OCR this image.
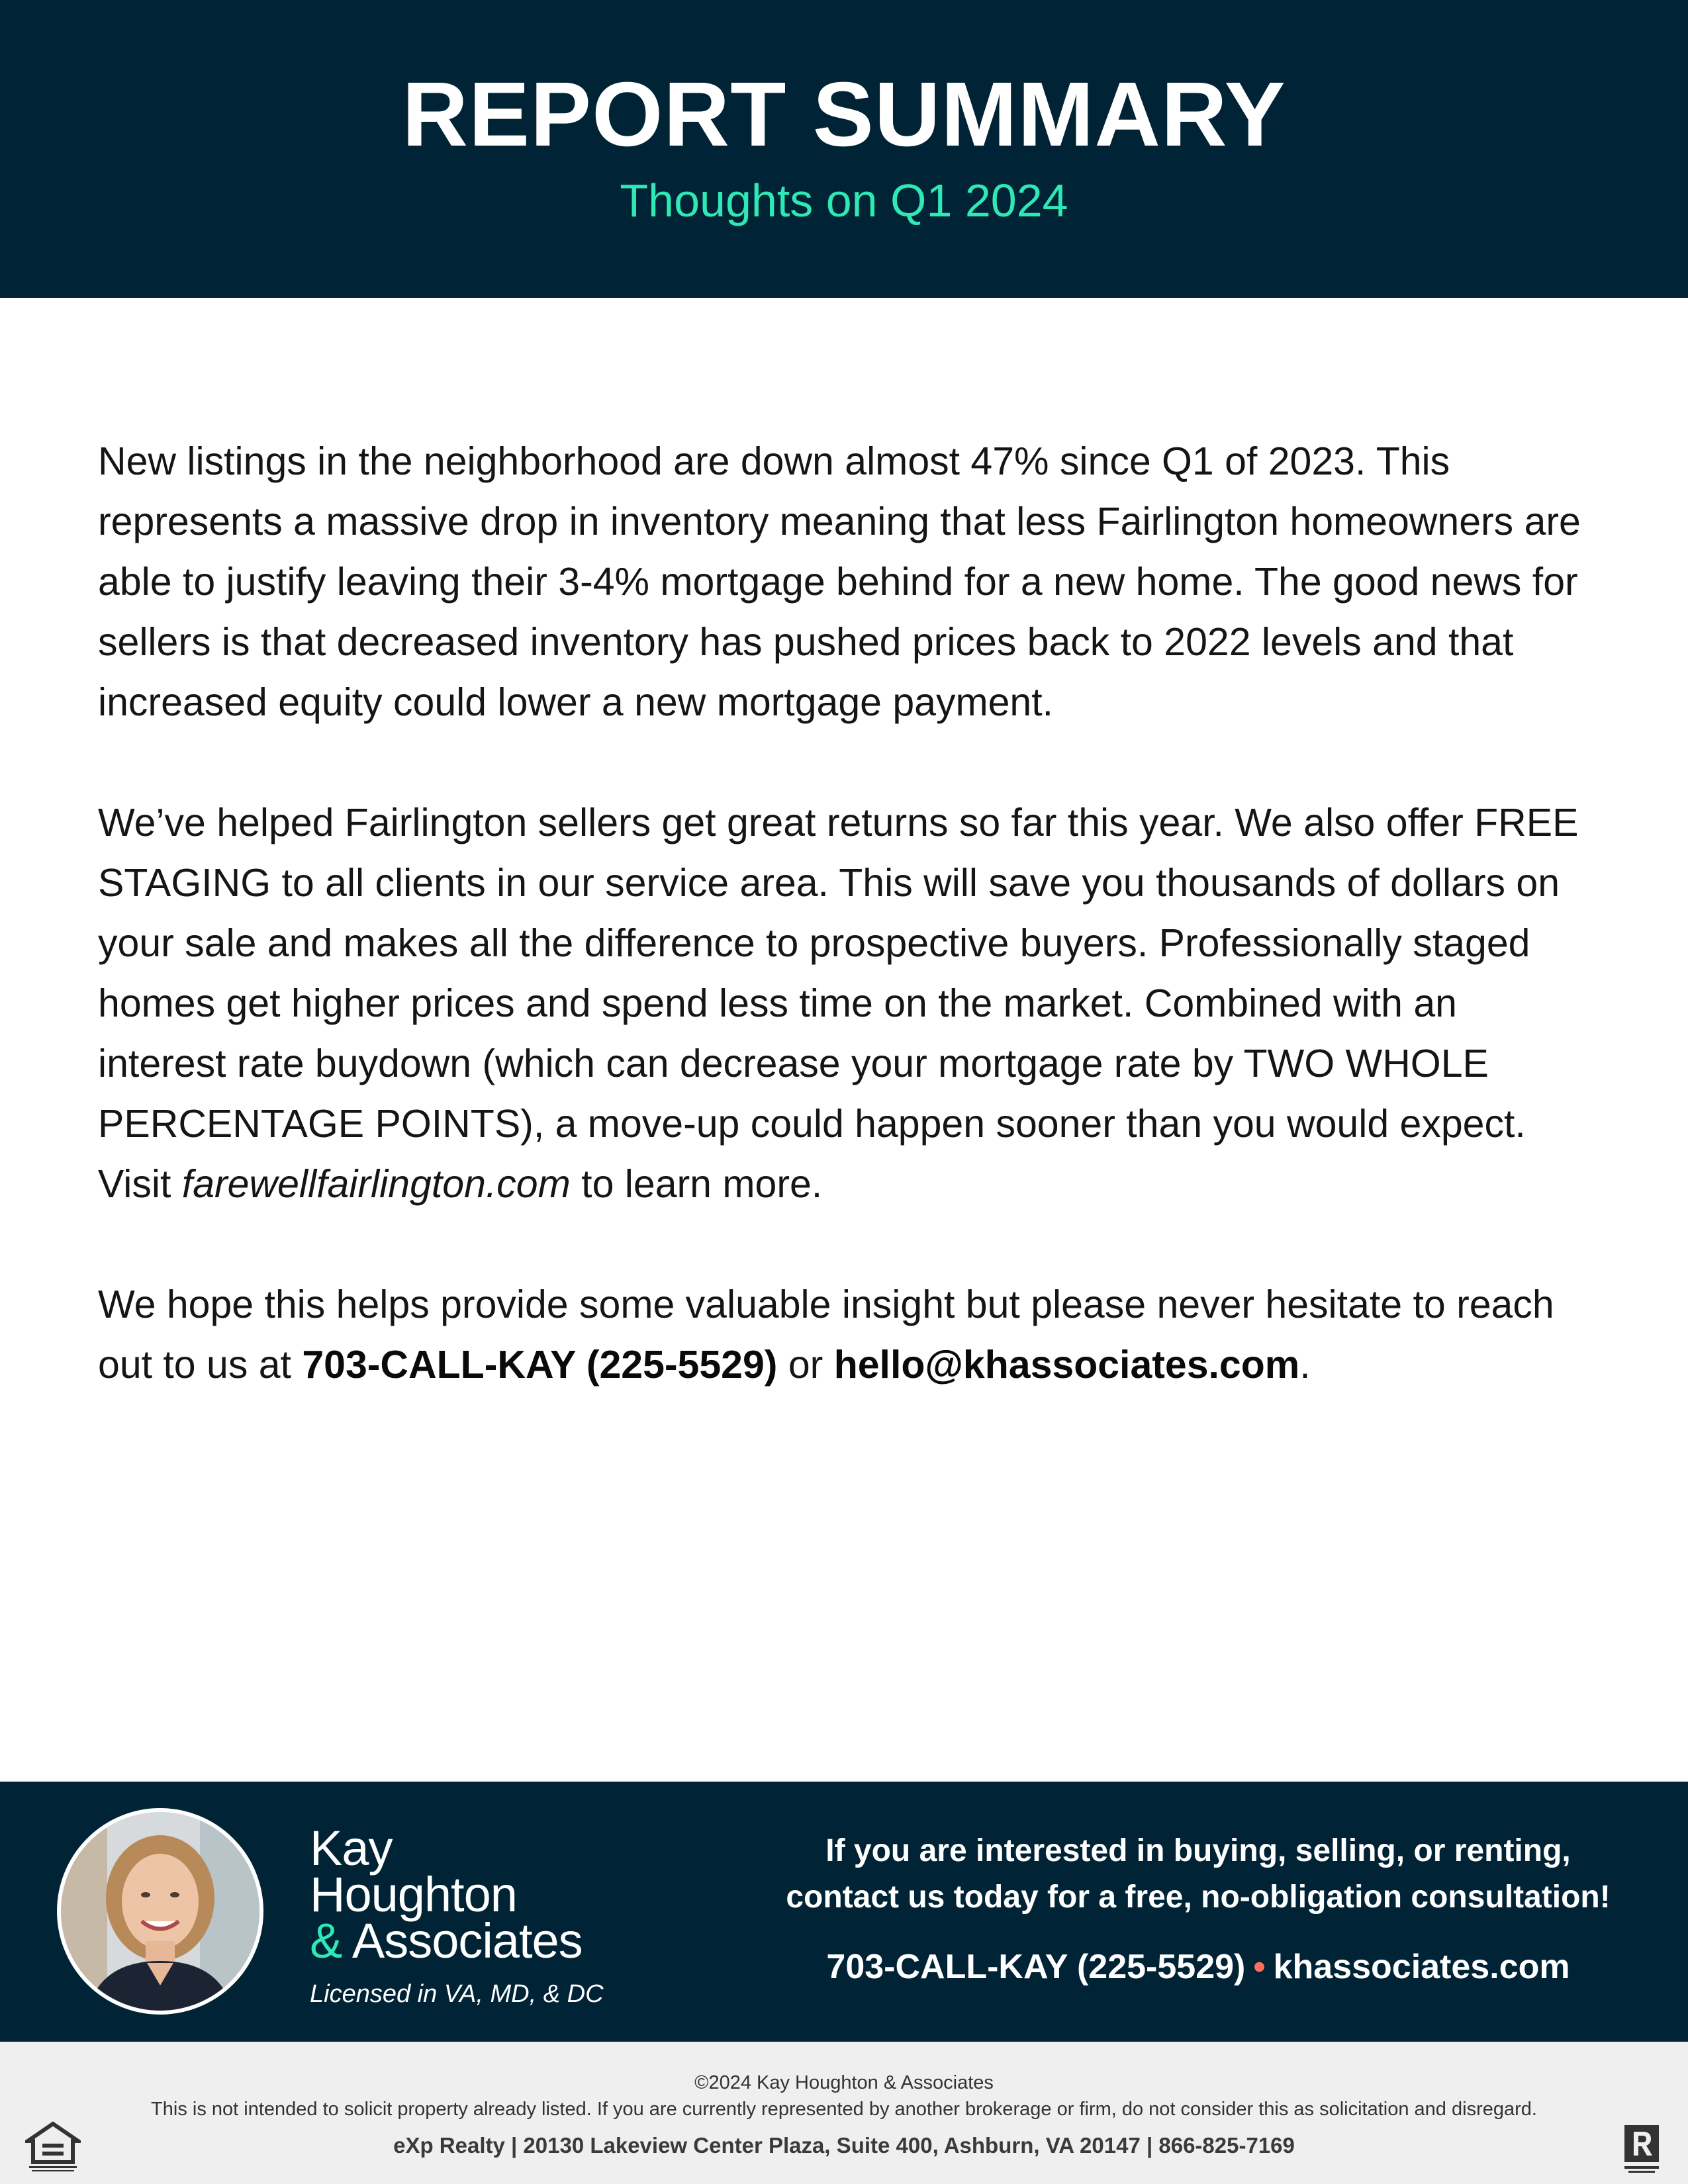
REPORT SUMMARY
Thoughts on Q1 2024

New listings in the neighborhood are down almost 47% since Q1 of 2023. This represents a massive drop in inventory meaning that less Fairlington homeowners are able to justify leaving their 3-4% mortgage behind for a new home. The good news for sellers is that decreased inventory has pushed prices back to 2022 levels and that increased equity could lower a new mortgage payment.

We’ve helped Fairlington sellers get great returns so far this year. We also offer FREE STAGING to all clients in our service area. This will save you thousands of dollars on your sale and makes all the difference to prospective buyers. Professionally staged homes get higher prices and spend less time on the market. Combined with an interest rate buydown (which can decrease your mortgage rate by TWO WHOLE PERCENTAGE POINTS), a move-up could happen sooner than you would expect. Visit farewellfairlington.com to learn more.

We hope this helps provide some valuable insight but please never hesitate to reach out to us at 703-CALL-KAY (225-5529) or hello@khassociates.com.

Kay
Houghton
& Associates
Licensed in VA, MD, & DC
If you are interested in buying, selling, or renting,
contact us today for a free, no-obligation consultation!
703-CALL-KAY (225-5529) • khassociates.com
©2024 Kay Houghton & Associates
This is not intended to solicit property already listed. If you are currently represented by another brokerage or firm, do not consider this as solicitation and disregard.
eXp Realty | 20130 Lakeview Center Plaza, Suite 400, Ashburn, VA 20147 | 866-825-7169
